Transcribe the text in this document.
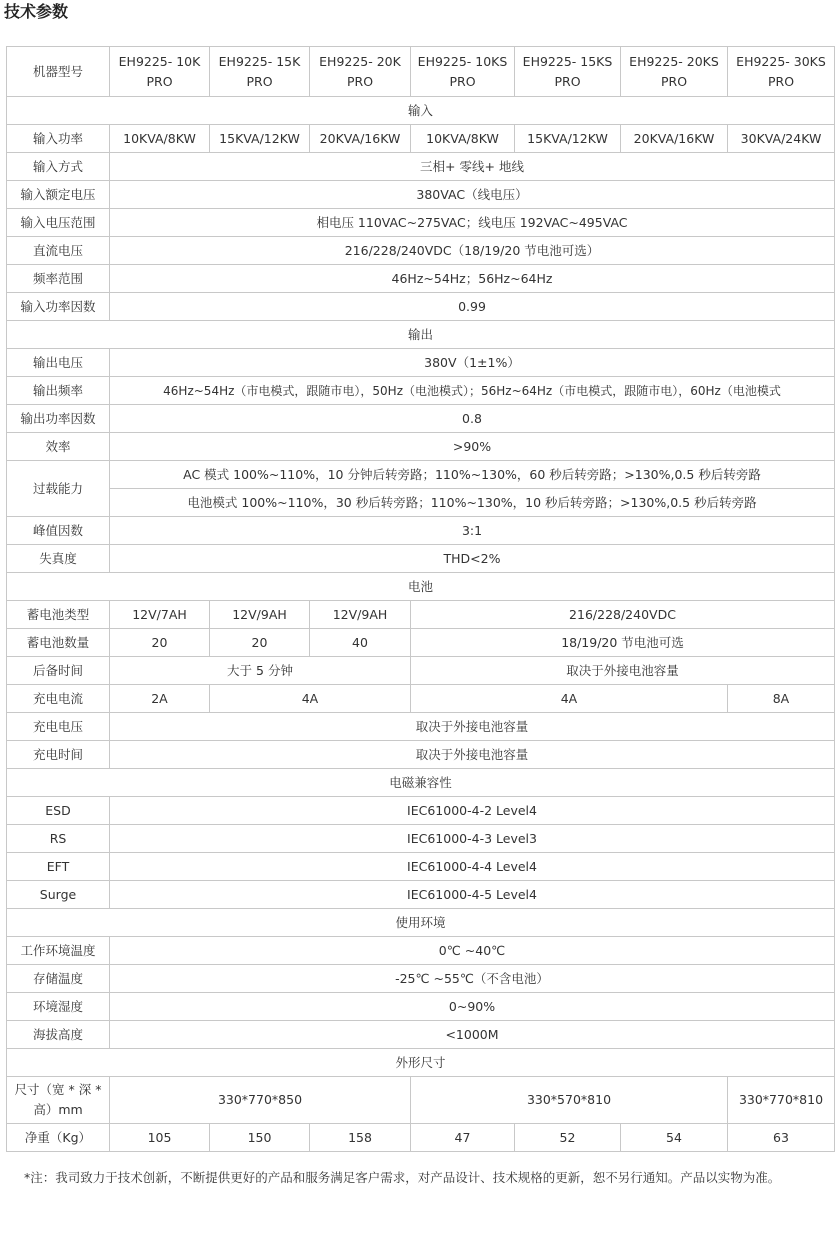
技术参数
机器型号	EH9225- 10K PRO	EH9225- 15K PRO	EH9225- 20K PRO	EH9225- 10KS PRO	EH9225- 15KS PRO	EH9225- 20KS PRO	EH9225- 30KS PRO
输入							
输入功率	10KVA/8KW	15KVA/12KW	20KVA/16KW	10KVA/8KW	15KVA/12KW	20KVA/16KW	30KVA/24KW
输入方式	三相+ 零线+ 地线						
输入额定电压	380VAC（线电压）						
输入电压范围	相电压 110VAC~275VAC；线电压 192VAC~495VAC						
直流电压	216/228/240VDC（18/19/20 节电池可选）						
频率范围	46Hz~54Hz；56Hz~64Hz						
输入功率因数	0.99						
输出							
输出电压	380V（1±1%）						
输出频率	46Hz~54Hz（市电模式，跟随市电），50Hz（电池模式）；56Hz~64Hz（市电模式，跟随市电），60Hz（电池模式						
输出功率因数	0.8						
效率	>90%						
过载能力	AC 模式 100%~110%，10 分钟后转旁路；110%~130%，60 秒后转旁路；>130%,0.5 秒后转旁路						
	电池模式 100%~110%，30 秒后转旁路；110%~130%，10 秒后转旁路；>130%,0.5 秒后转旁路						
峰值因数	3:1						
失真度	THD<2%						
电池							
蓄电池类型	12V/7AH	12V/9AH	12V/9AH	216/228/240VDC			
蓄电池数量	20	20	40	18/19/20 节电池可选			
后备时间	大于 5 分钟			取决于外接电池容量			
充电电流	2A	4A		4A			8A
充电电压	取决于外接电池容量						
充电时间	取决于外接电池容量						
电磁兼容性							
ESD	IEC61000-4-2 Level4						
RS	IEC61000-4-3 Level3						
EFT	IEC61000-4-4 Level4						
Surge	IEC61000-4-5 Level4						
使用环境							
工作环境温度	0℃ ~40℃						
存储温度	-25℃ ~55℃（不含电池）						
环境湿度	0~90%						
海拔高度	<1000M						
外形尺寸							
尺寸（宽 * 深 * 高）mm	330*770*850			330*570*810			330*770*810
净重（Kg）	105	150	158	47	52	54	63

*注：我司致力于技术创新，不断提供更好的产品和服务满足客户需求，对产品设计、技术规格的更新，恕不另行通知。产品以实物为准。
